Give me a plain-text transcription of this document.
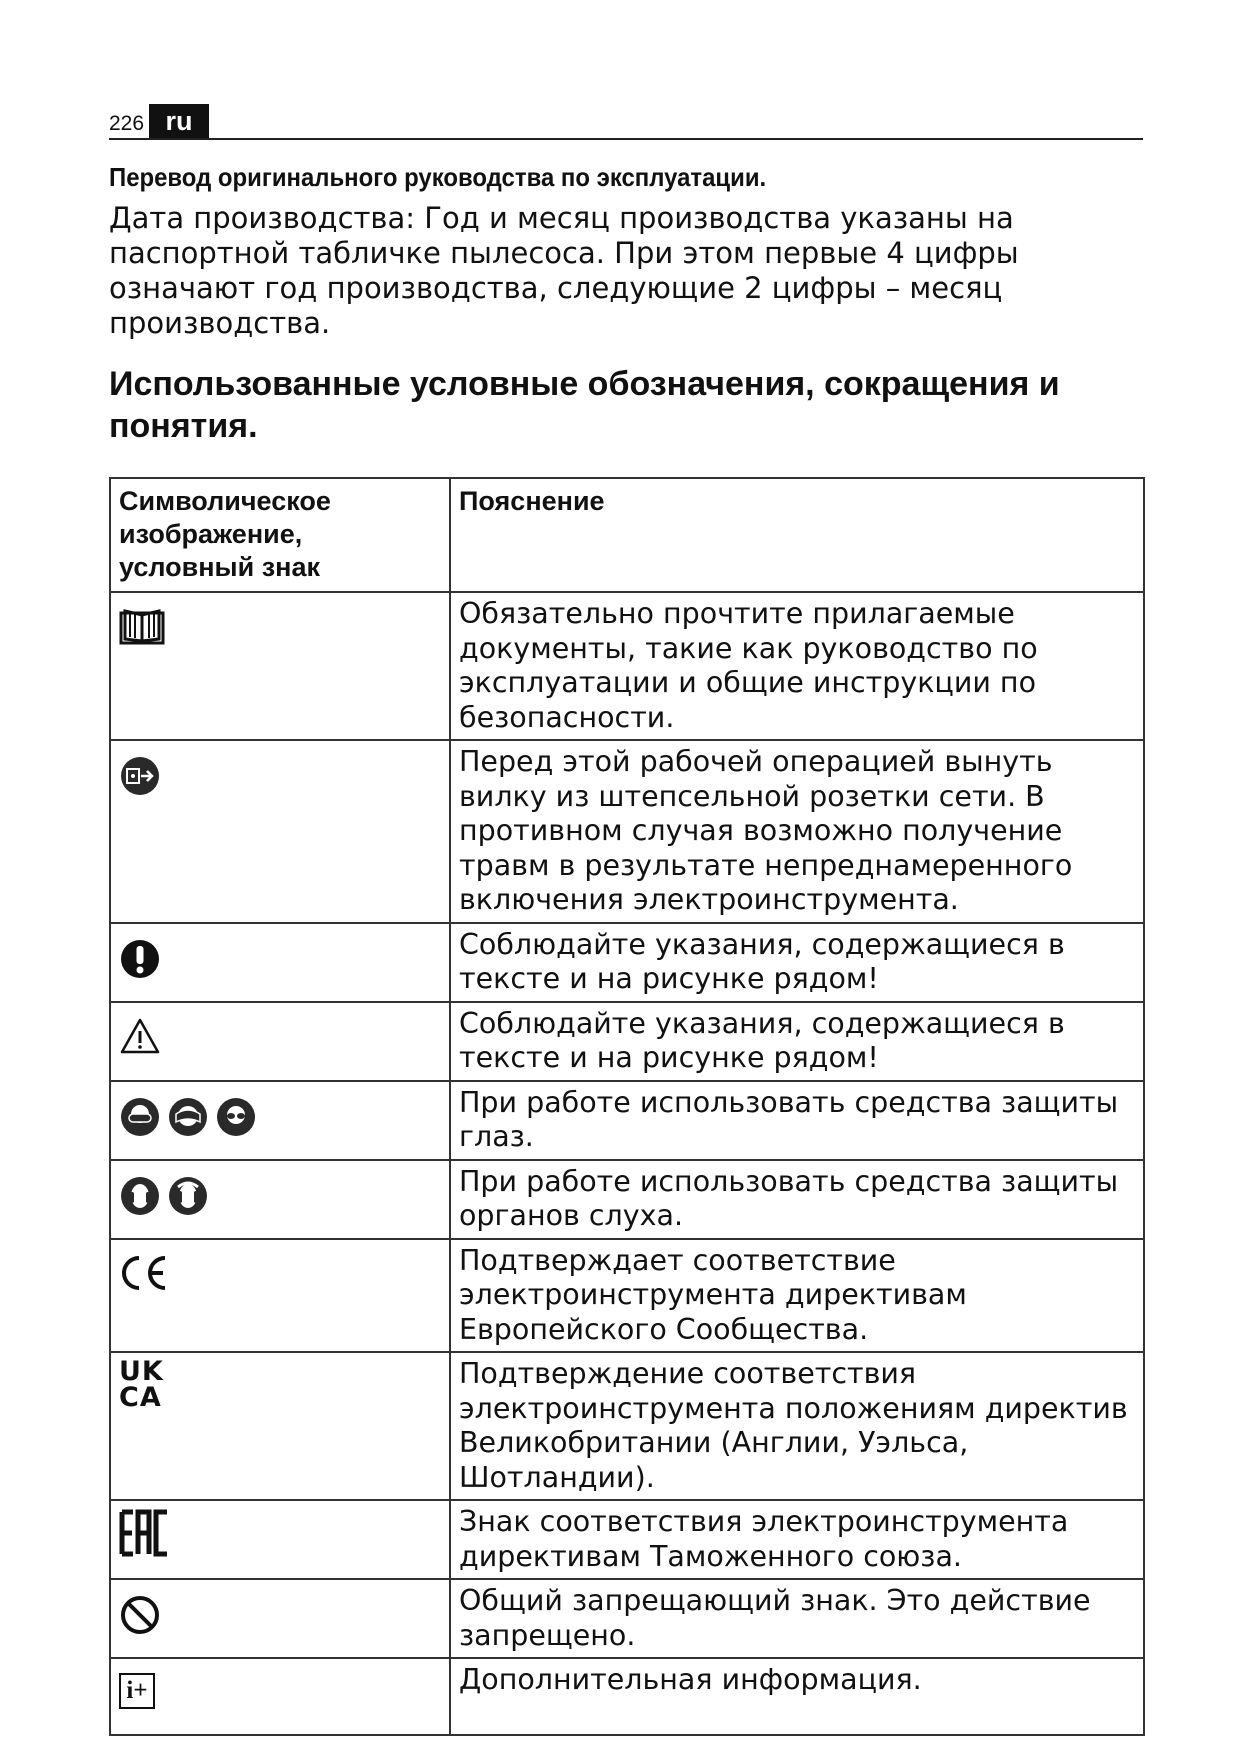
226 ru
Перевод оригинального руководства по эксплуатации.
Дата производства: Год и месяц производства указаны на паспортной табличке пылесоса. При этом первые 4 цифры означают год производства, следующие 2 цифры – месяц производства.
Использованные условные обозначения, сокращения и понятия.
Символическое изображение, условный знак	Пояснение

	Обязательно прочтите прилагаемые документы, такие как руководство по эксплуатации и общие инструкции по безопасности.

	Перед этой рабочей операцией вынуть вилку из штепсельной розетки сети. В противном случая возможно получение травм в результате непреднамеренного включения электроинструмента.

	Соблюдайте указания, содержащиеся в тексте и на рисунке рядом!

	Соблюдайте указания, содержащиеся в тексте и на рисунке рядом!

	При работе использовать средства защиты глаз.

	При работе использовать средства защиты органов слуха.

	Подтверждает соответствие электроинструмента директивам Европейского Сообщества.

UK
CA	Подтверждение соответствия электроинструмента положениям директив Великобритании (Англии, Уэльса, Шотландии).

	Знак соответствия электроинструмента директивам Таможенного союза.

	Общий запрещающий знак. Это действие запрещено.

i+	Дополнительная информация.
